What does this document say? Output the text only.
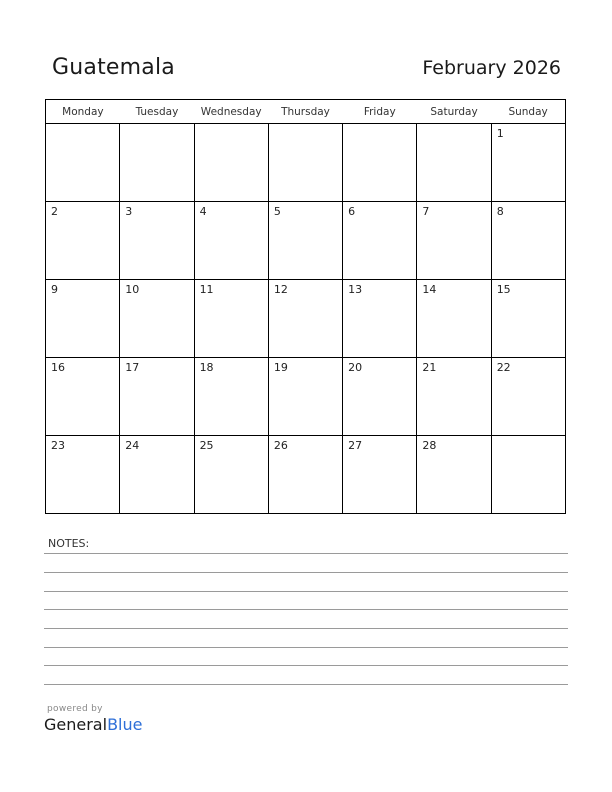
Guatemala	February 2026
Monday	Tuesday	Wednesday	Thursday	Friday	Saturday	Sunday
						1
2	3	4	5	6	7	8
9	10	11	12	13	14	15
16	17	18	19	20	21	22
23	24	25	26	27	28	
NOTES:
powered by
GeneralBlue
